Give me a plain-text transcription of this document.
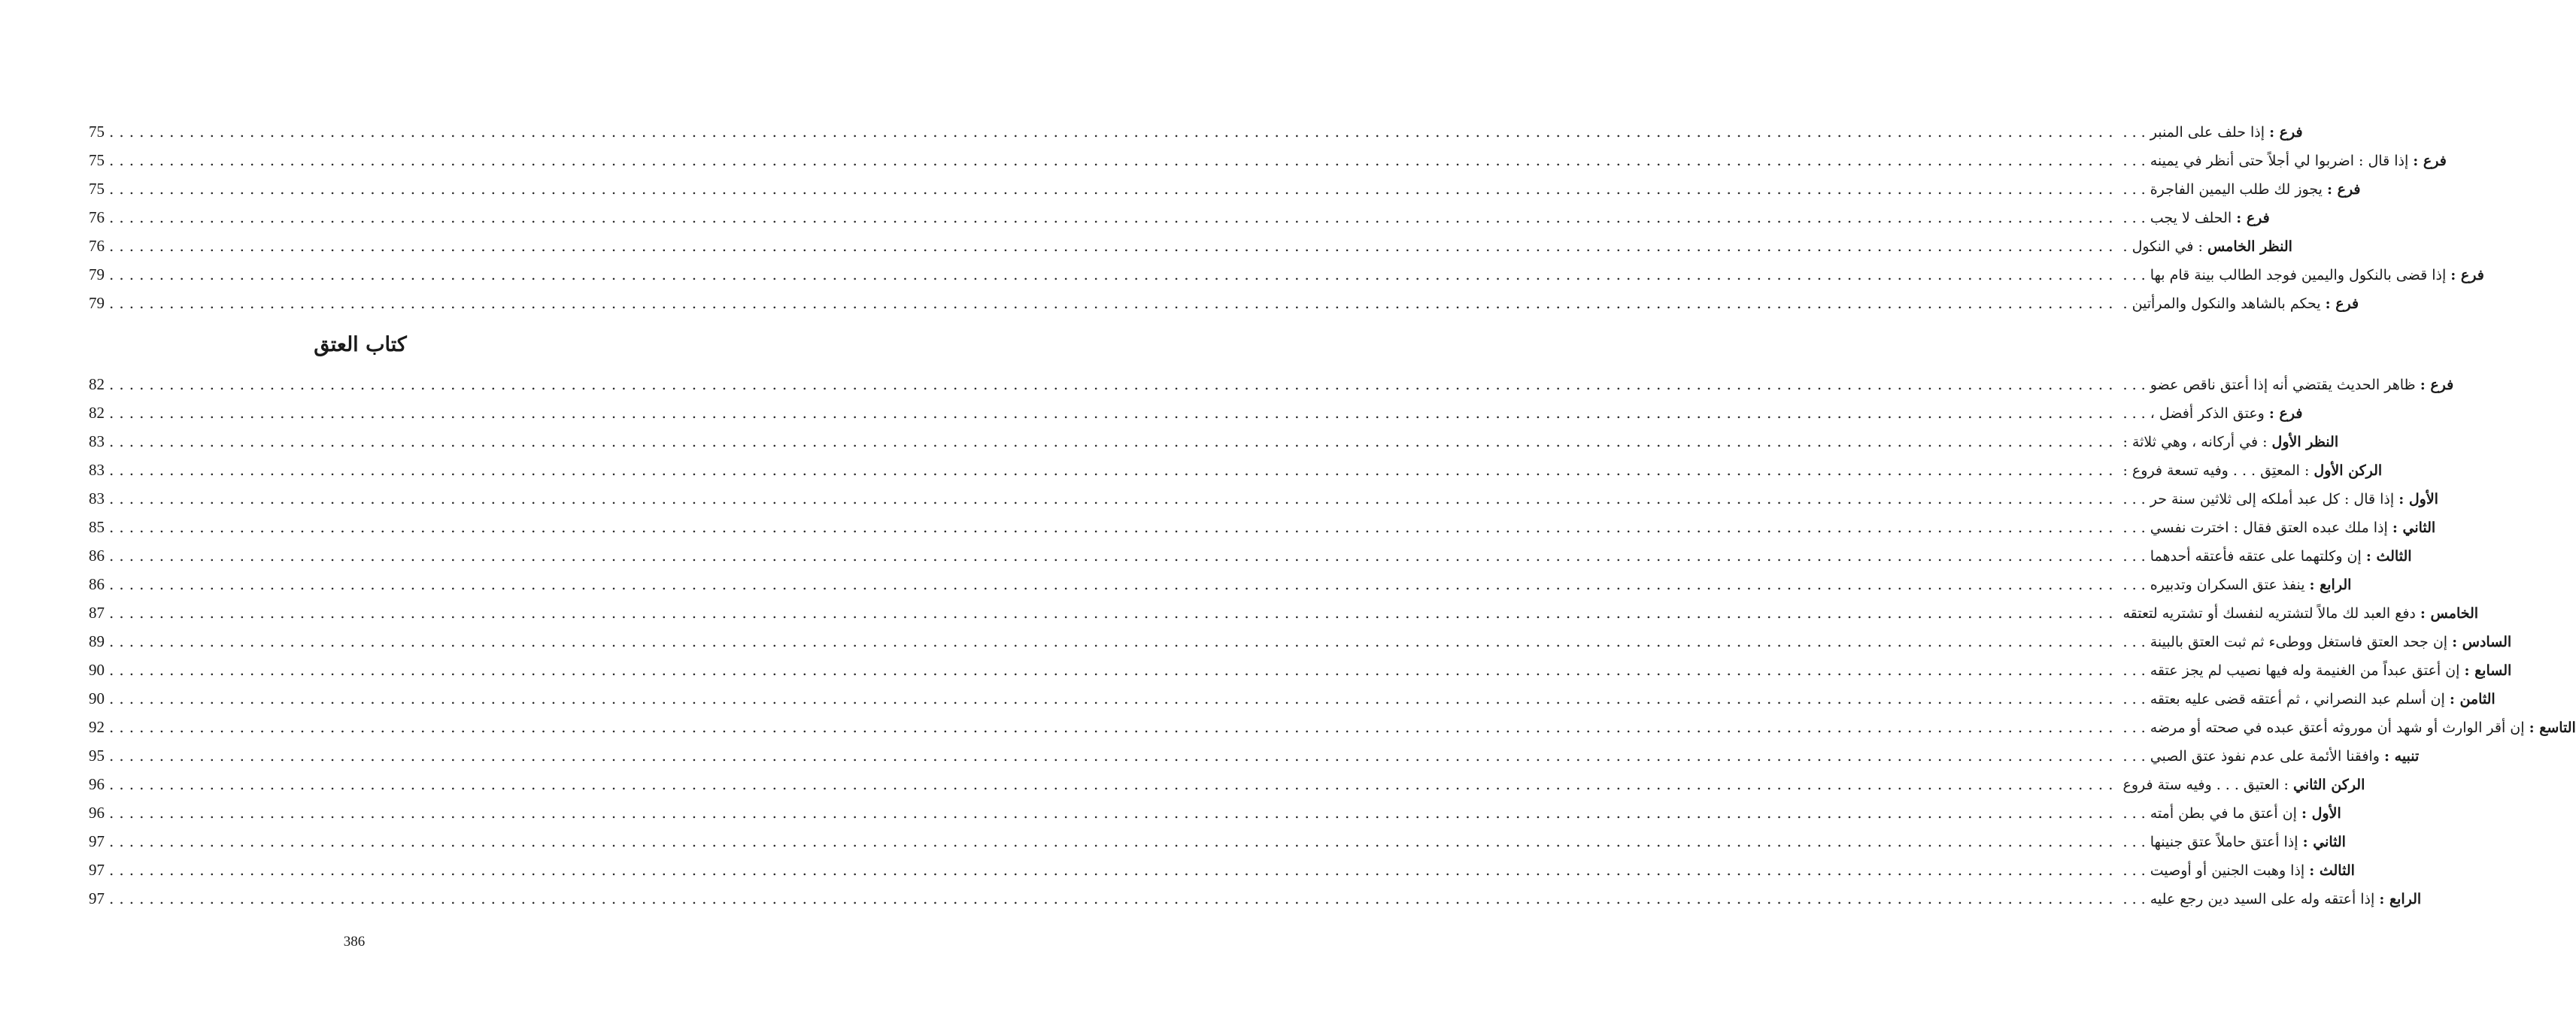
75 ........................................................................................................................................................................................................	فرع : إذا حلف على المنبر . . .
75 ........................................................................................................................................................................................................	فرع : إذا قال : اضربوا لي أجلاً حتى أنظر في يمينه . . .
75 ........................................................................................................................................................................................................	فرع : يجوز لك طلب اليمين الفاجرة . . .
76 ........................................................................................................................................................................................................	فرع : الحلف لا يجب . . .
76 ........................................................................................................................................................................................................	النظر الخامس : في النكول .
79 ........................................................................................................................................................................................................	فرع : إذا قضى بالنكول واليمين فوجد الطالب بينة قام بها . . .
79 ........................................................................................................................................................................................................	فرع : يحكم بالشاهد والنكول والمرأتين .
كتاب العتق
82 ........................................................................................................................................................................................................	فرع : ظاهر الحديث يقتضي أنه إذا أعتق ناقص عضو . . .
82 ........................................................................................................................................................................................................	فرع : وعتق الذكر أفضل ، . . .
83 ........................................................................................................................................................................................................	النظر الأول : في أركانه ، وهي ثلاثة :
83 ........................................................................................................................................................................................................	الركن الأول : المعتِق . . . وفيه تسعة فروع :
83 ........................................................................................................................................................................................................	الأول : إذا قال : كل عبد أملكه إلى ثلاثين سنة حر . . .
85 ........................................................................................................................................................................................................	الثاني : إذا ملك عبده العتق فقال : اخترت نفسي . . .
86 ........................................................................................................................................................................................................	الثالث : إن وكلتهما على عتقه فأعتقه أحدهما . . .
86 ........................................................................................................................................................................................................	الرابع : ينفذ عتق السكران وتدبيره . . .
87 ........................................................................................................................................................................................................	الخامس : دفع العبد لك مالاً لتشتريه لنفسك أو تشتريه لتعتقه
89 ........................................................................................................................................................................................................	السادس : إن جحد العتق فاستغل ووطىء ثم ثبت العتق بالبينة . . .
90 ........................................................................................................................................................................................................	السابع : إن أعتق عبداً من الغنيمة وله فيها نصيب لم يجز عتقه . . .
90 ........................................................................................................................................................................................................	الثامن : إن أسلم عبد النصراني ، ثم أعتقه قضى عليه بعتقه . . .
92 ........................................................................................................................................................................................................	التاسع : إن أقر الوارث أو شهد أن موروثه أعتق عبده في صحته أو مرضه . . .
95 ........................................................................................................................................................................................................	تنبيه : وافقنا الأئمة على عدم نفوذ عتق الصبي . . .
96 ........................................................................................................................................................................................................	الركن الثاني : العتيق . . . وفيه ستة فروع
96 ........................................................................................................................................................................................................	الأول : إن أعتق ما في بطن أمته . . .
97 ........................................................................................................................................................................................................	الثاني : إذا أعتق حاملاً عتق جنينها . . .
97 ........................................................................................................................................................................................................	الثالث : إذا وهبت الجنين أو أوصيت . . .
97 ........................................................................................................................................................................................................	الرابع : إذا أعتقه وله على السيد دين رجع عليه . . .
386
